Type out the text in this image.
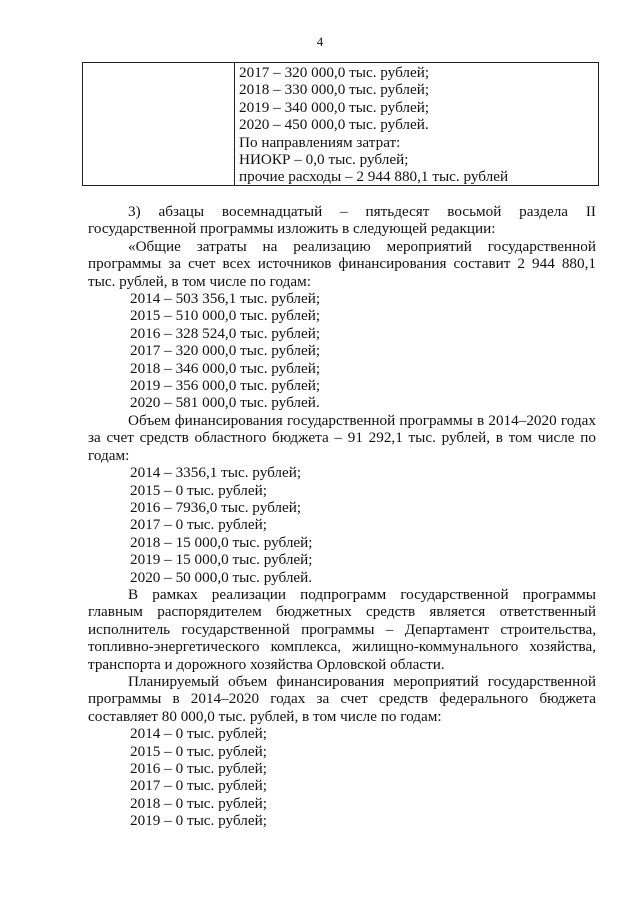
4
2017 – 320 000,0 тыс. рублей;
2018 – 330 000,0 тыс. рублей;
2019 – 340 000,0 тыс. рублей;
2020 – 450 000,0 тыс. рублей.
По направлениям затрат:
НИОКР – 0,0 тыс. рублей;
прочие расходы – 2 944 880,1 тыс. рублей

3) абзацы восемнадцатый – пятьдесят восьмой раздела II государственной программы изложить в следующей редакции:

«Общие затраты на реализацию мероприятий государственной программы за счет всех источников финансирования составит 2 944 880,1 тыс. рублей, в том числе по годам:

2014 – 503 356,1 тыс. рублей;
2015 – 510 000,0 тыс. рублей;
2016 – 328 524,0 тыс. рублей;
2017 – 320 000,0 тыс. рублей;
2018 – 346 000,0 тыс. рублей;
2019 – 356 000,0 тыс. рублей;
2020 – 581 000,0 тыс. рублей.

Объем финансирования государственной программы в 2014–2020 годах за счет средств областного бюджета – 91 292,1 тыс. рублей, в том числе по годам:

2014 – 3356,1 тыс. рублей;
2015 – 0 тыс. рублей;
2016 – 7936,0 тыс. рублей;
2017 – 0 тыс. рублей;
2018 – 15 000,0 тыс. рублей;
2019 – 15 000,0 тыс. рублей;
2020 – 50 000,0 тыс. рублей.

В рамках реализации подпрограмм государственной программы главным распорядителем бюджетных средств является ответственный исполнитель государственной программы – Департамент строительства, топливно-энергетического комплекса, жилищно-коммунального хозяйства, транспорта и дорожного хозяйства Орловской области.

Планируемый объем финансирования мероприятий государственной программы в 2014–2020 годах за счет средств федерального бюджета составляет 80 000,0 тыс. рублей, в том числе по годам:

2014 – 0 тыс. рублей;
2015 – 0 тыс. рублей;
2016 – 0 тыс. рублей;
2017 – 0 тыс. рублей;
2018 – 0 тыс. рублей;
2019 – 0 тыс. рублей;
